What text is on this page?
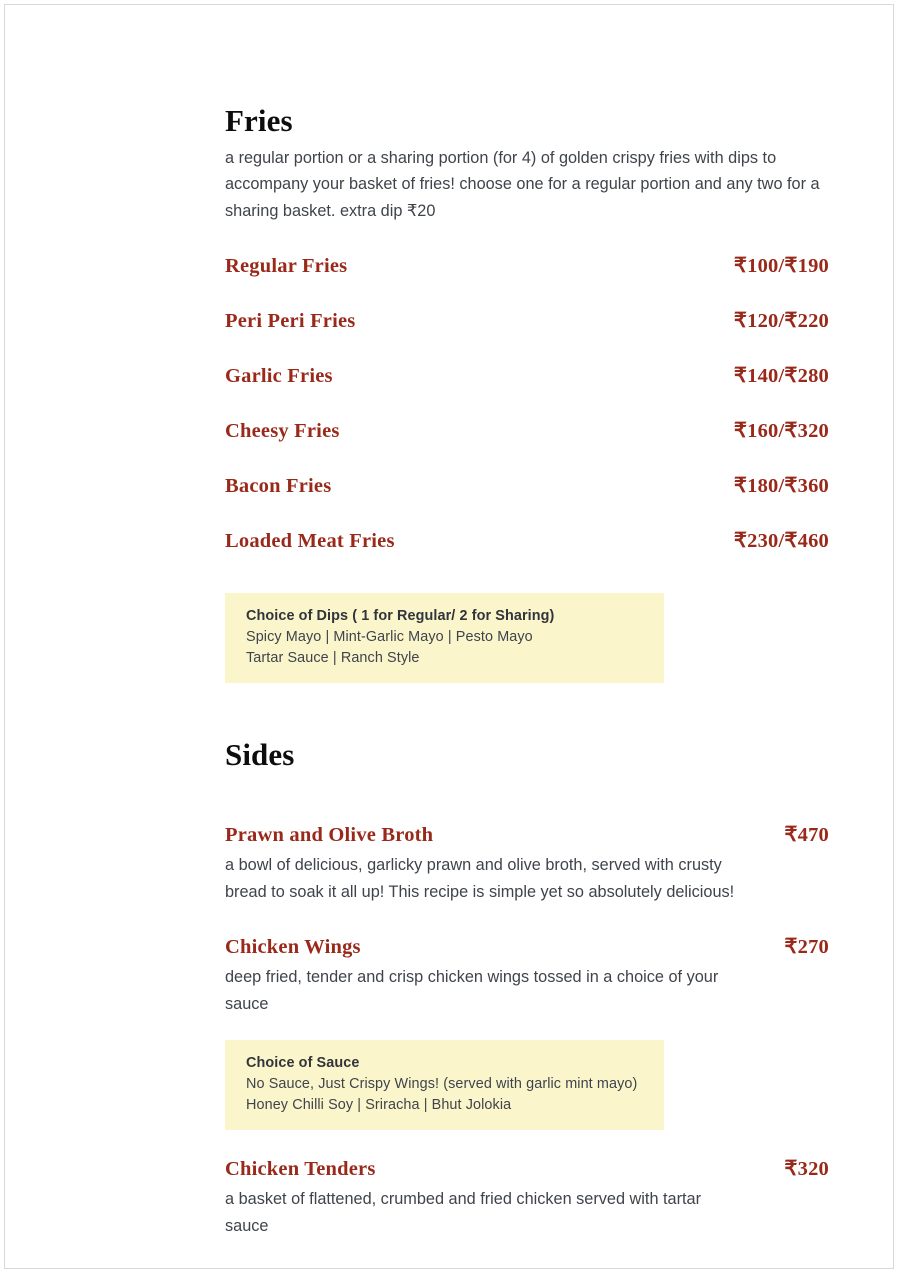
Fries

a regular portion or a sharing portion (for 4) of golden crispy fries with dips to accompany your basket of fries! choose one for a regular portion and any two for a sharing basket. extra dip ₹20

Regular Fries	₹100/₹190
Peri Peri Fries	₹120/₹220
Garlic Fries	₹140/₹280
Cheesy Fries	₹160/₹320
Bacon Fries	₹180/₹360
Loaded Meat Fries	₹230/₹460
Choice of Dips ( 1 for Regular/ 2 for Sharing)
Spicy Mayo | Mint-Garlic Mayo | Pesto Mayo
Tartar Sauce | Ranch Style
Sides
Prawn and Olive Broth	₹470
a bowl of delicious, garlicky prawn and olive broth, served with crusty bread to soak it all up! This recipe is simple yet so absolutely delicious!
Chicken Wings	₹270
deep fried, tender and crisp chicken wings tossed in a choice of your sauce
Choice of Sauce
No Sauce, Just Crispy Wings! (served with garlic mint mayo)
Honey Chilli Soy | Sriracha | Bhut Jolokia
Chicken Tenders	₹320
a basket of flattened, crumbed and fried chicken served with tartar sauce
